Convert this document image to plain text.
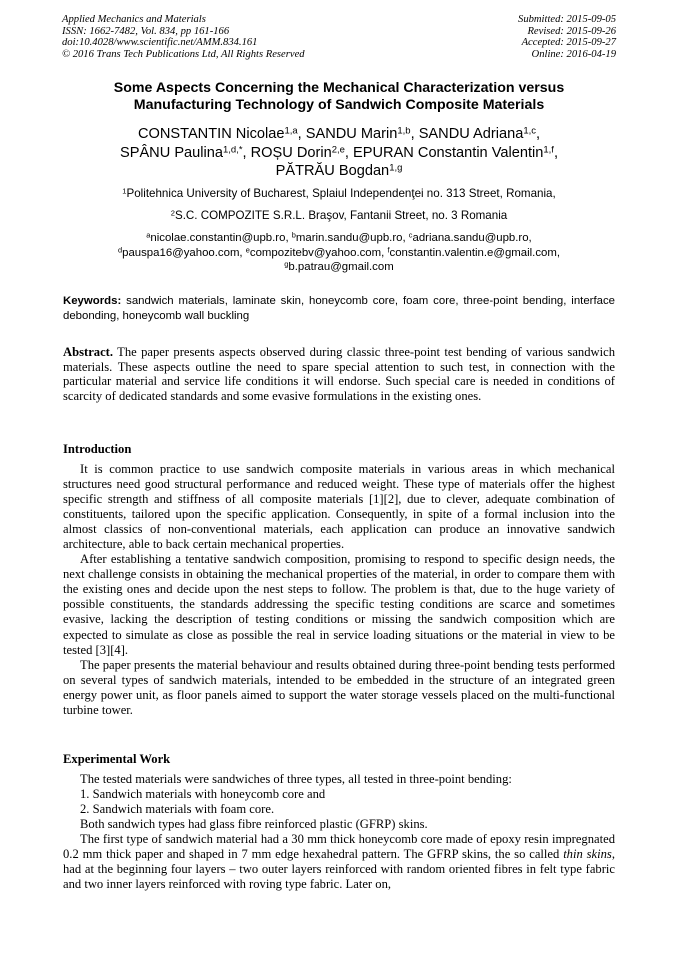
Applied Mechanics and Materials
ISSN: 1662-7482, Vol. 834, pp 161-166
doi:10.4028/www.scientific.net/AMM.834.161
© 2016 Trans Tech Publications Ltd, All Rights Reserved
Submitted: 2015-09-05
Revised: 2015-09-26
Accepted: 2015-09-27
Online: 2016-04-19
Some Aspects Concerning the Mechanical Characterization versus
Manufacturing Technology of Sandwich Composite Materials
CONSTANTIN Nicolae$^{1,a}$, SANDU Marin$^{1,b}$, SANDU Adriana$^{1,c}$,
SPÂNU Paulina$^{1,d,*}$, ROȘU Dorin$^{2,e}$, EPURAN Constantin Valentin$^{1,f}$,
PĂTRĂU Bogdan$^{1,g}$
$^1$Politehnica University of Bucharest, Splaiul Independenţei no. 313 Street, Romania,
$^2$S.C. COMPOZITE S.R.L. Braşov, Fantanii Street, no. 3 Romania
$^a$nicolae.constantin@upb.ro, $^b$marin.sandu@upb.ro, $^c$adriana.sandu@upb.ro,
$^d$pauspa16@yahoo.com, $^e$compozitebv@yahoo.com, $^f$constantin.valentin.e@gmail.com,
$^g$b.patrau@gmail.com
Keywords: sandwich materials, laminate skin, honeycomb core, foam core, three-point bending, interface debonding, honeycomb wall buckling
Abstract. The paper presents aspects observed during classic three-point test bending of various sandwich materials. These aspects outline the need to spare special attention to such test, in connection with the particular material and service life conditions it will endorse. Such special care is needed in conditions of scarcity of dedicated standards and some evasive formulations in the existing ones.
Introduction

It is common practice to use sandwich composite materials in various areas in which mechanical structures need good structural performance and reduced weight. These type of materials offer the highest specific strength and stiffness of all composite materials [1][2], due to clever, adequate combination of constituents, tailored upon the specific application. Consequently, in spite of a formal inclusion into the almost classics of non-conventional materials, each application can produce an innovative sandwich architecture, able to back certain mechanical properties.

After establishing a tentative sandwich composition, promising to respond to specific design needs, the next challenge consists in obtaining the mechanical properties of the material, in order to compare them with the existing ones and decide upon the nest steps to follow. The problem is that, due to the huge variety of possible constituents, the standards addressing the specific testing conditions are scarce and sometimes evasive, lacking the description of testing conditions or missing the sandwich composition which are expected to simulate as close as possible the real in service loading situations or the material in view to be tested [3][4].

The paper presents the material behaviour and results obtained during three-point bending tests performed on several types of sandwich materials, intended to be embedded in the structure of an integrated green energy power unit, as floor panels aimed to support the water storage vessels placed on the multi-functional turbine tower.

Experimental Work

The tested materials were sandwiches of three types, all tested in three-point bending:

1. Sandwich materials with honeycomb core and

2. Sandwich materials with foam core.

Both sandwich types had glass fibre reinforced plastic (GFRP) skins.

The first type of sandwich material had a 30 mm thick honeycomb core made of epoxy resin impregnated 0.2 mm thick paper and shaped in 7 mm edge hexahedral pattern. The GFRP skins, the so called thin skins, had at the beginning four layers – two outer layers reinforced with random oriented fibres in felt type fabric and two inner layers reinforced with roving type fabric. Later on,
